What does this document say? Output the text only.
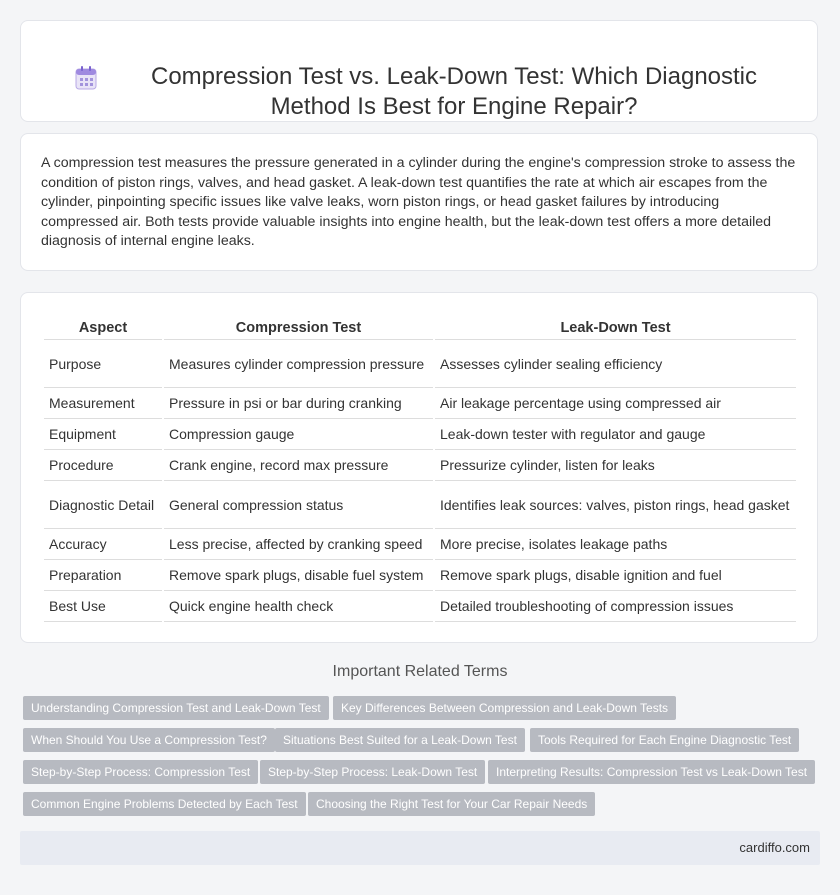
Compression Test vs. Leak-Down Test: Which Diagnostic Method Is Best for Engine Repair?

A compression test measures the pressure generated in a cylinder during the engine's compression stroke to assess the condition of piston rings, valves, and head gasket. A leak-down test quantifies the rate at which air escapes from the cylinder, pinpointing specific issues like valve leaks, worn piston rings, or head gasket failures by introducing compressed air. Both tests provide valuable insights into engine health, but the leak-down test offers a more detailed diagnosis of internal engine leaks.

Aspect	Compression Test	Leak-Down Test
Purpose	Measures cylinder compression pressure	Assesses cylinder sealing efficiency
Measurement	Pressure in psi or bar during cranking	Air leakage percentage using compressed air
Equipment	Compression gauge	Leak-down tester with regulator and gauge
Procedure	Crank engine, record max pressure	Pressurize cylinder, listen for leaks
Diagnostic Detail	General compression status	Identifies leak sources: valves, piston rings, head gasket
Accuracy	Less precise, affected by cranking speed	More precise, isolates leakage paths
Preparation	Remove spark plugs, disable fuel system	Remove spark plugs, disable ignition and fuel
Best Use	Quick engine health check	Detailed troubleshooting of compression issues
Important Related Terms
Understanding Compression Test and Leak-Down Test	Key Differences Between Compression and Leak-Down Tests
When Should You Use a Compression Test?	Situations Best Suited for a Leak-Down Test	Tools Required for Each Engine Diagnostic Test
Step-by-Step Process: Compression Test	Step-by-Step Process: Leak-Down Test	Interpreting Results: Compression Test vs Leak-Down Test
Common Engine Problems Detected by Each Test	Choosing the Right Test for Your Car Repair Needs
cardiffo.com
